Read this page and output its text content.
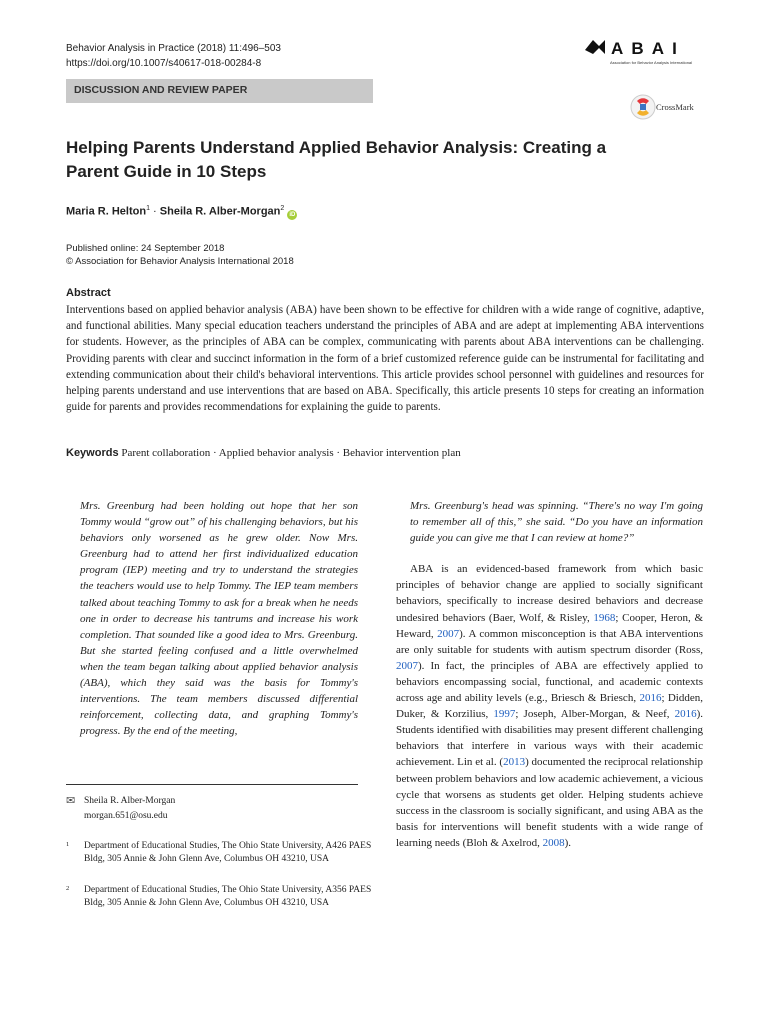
Behavior Analysis in Practice (2018) 11:496–503
https://doi.org/10.1007/s40617-018-00284-8
A B A I
Association for Behavior Analysis International
DISCUSSION AND REVIEW PAPER
CrossMark
Helping Parents Understand Applied Behavior Analysis: Creating a Parent Guide in 10 Steps
Maria R. Helton$^1$ · Sheila R. Alber-Morgan$^2$ iD
Published online: 24 September 2018
© Association for Behavior Analysis International 2018
Abstract
Interventions based on applied behavior analysis (ABA) have been shown to be effective for children with a wide range of cognitive, adaptive, and functional abilities. Many special education teachers understand the principles of ABA and are adept at implementing ABA interventions for students. However, as the principles of ABA can be complex, communicating with parents about ABA interventions can be challenging. Providing parents with clear and succinct information in the form of a brief customized reference guide can be instrumental for facilitating and extending communication about their child's behavioral interventions. This article provides school personnel with guidelines and resources for helping parents understand and use interventions that are based on ABA. Specifically, this article presents 10 steps for creating an information guide for parents and provides recommendations for explaining the guide to parents.
Keywords Parent collaboration · Applied behavior analysis · Behavior intervention plan
Mrs. Greenburg had been holding out hope that her son Tommy would “grow out” of his challenging behaviors, but his behaviors only worsened as he grew older. Now Mrs. Greenburg had to attend her first individualized education program (IEP) meeting and try to understand the strategies the teachers would use to help Tommy. The IEP team members talked about teaching Tommy to ask for a break when he needs one in order to decrease his tantrums and increase his work completion. That sounded like a good idea to Mrs. Greenburg. But she started feeling confused and a little overwhelmed when the team began talking about applied behavior analysis (ABA), which they said was the basis for Tommy's interventions. The team members discussed differential reinforcement, collecting data, and graphing Tommy's progress. By the end of the meeting,
✉ Sheila R. Alber-Morgan
morgan.651@osu.edu
1 Department of Educational Studies, The Ohio State University, A426 PAES Bldg, 305 Annie & John Glenn Ave, Columbus OH 43210, USA
2 Department of Educational Studies, The Ohio State University, A356 PAES Bldg, 305 Annie & John Glenn Ave, Columbus OH 43210, USA
Mrs. Greenburg's head was spinning. “There's no way I'm going to remember all of this,” she said. “Do you have an information guide you can give me that I can review at home?”
ABA is an evidenced-based framework from which basic principles of behavior change are applied to socially significant behaviors, specifically to increase desired behaviors and decrease undesired behaviors (Baer, Wolf, & Risley, 1968; Cooper, Heron, & Heward, 2007). A common misconception is that ABA interventions are only suitable for students with autism spectrum disorder (Ross, 2007). In fact, the principles of ABA are effectively applied to behaviors encompassing social, functional, and academic contexts across age and ability levels (e.g., Briesch & Briesch, 2016; Didden, Duker, & Korzilius, 1997; Joseph, Alber-Morgan, & Neef, 2016). Students identified with disabilities may present different challenging behaviors that interfere in various ways with their academic achievement. Lin et al. (2013) documented the reciprocal relationship between problem behaviors and low academic achievement, a vicious cycle that worsens as students get older. Helping students achieve success in the classroom is socially significant, and using ABA as the basis for interventions will benefit students with a wide range of learning needs (Bloh & Axelrod, 2008).
